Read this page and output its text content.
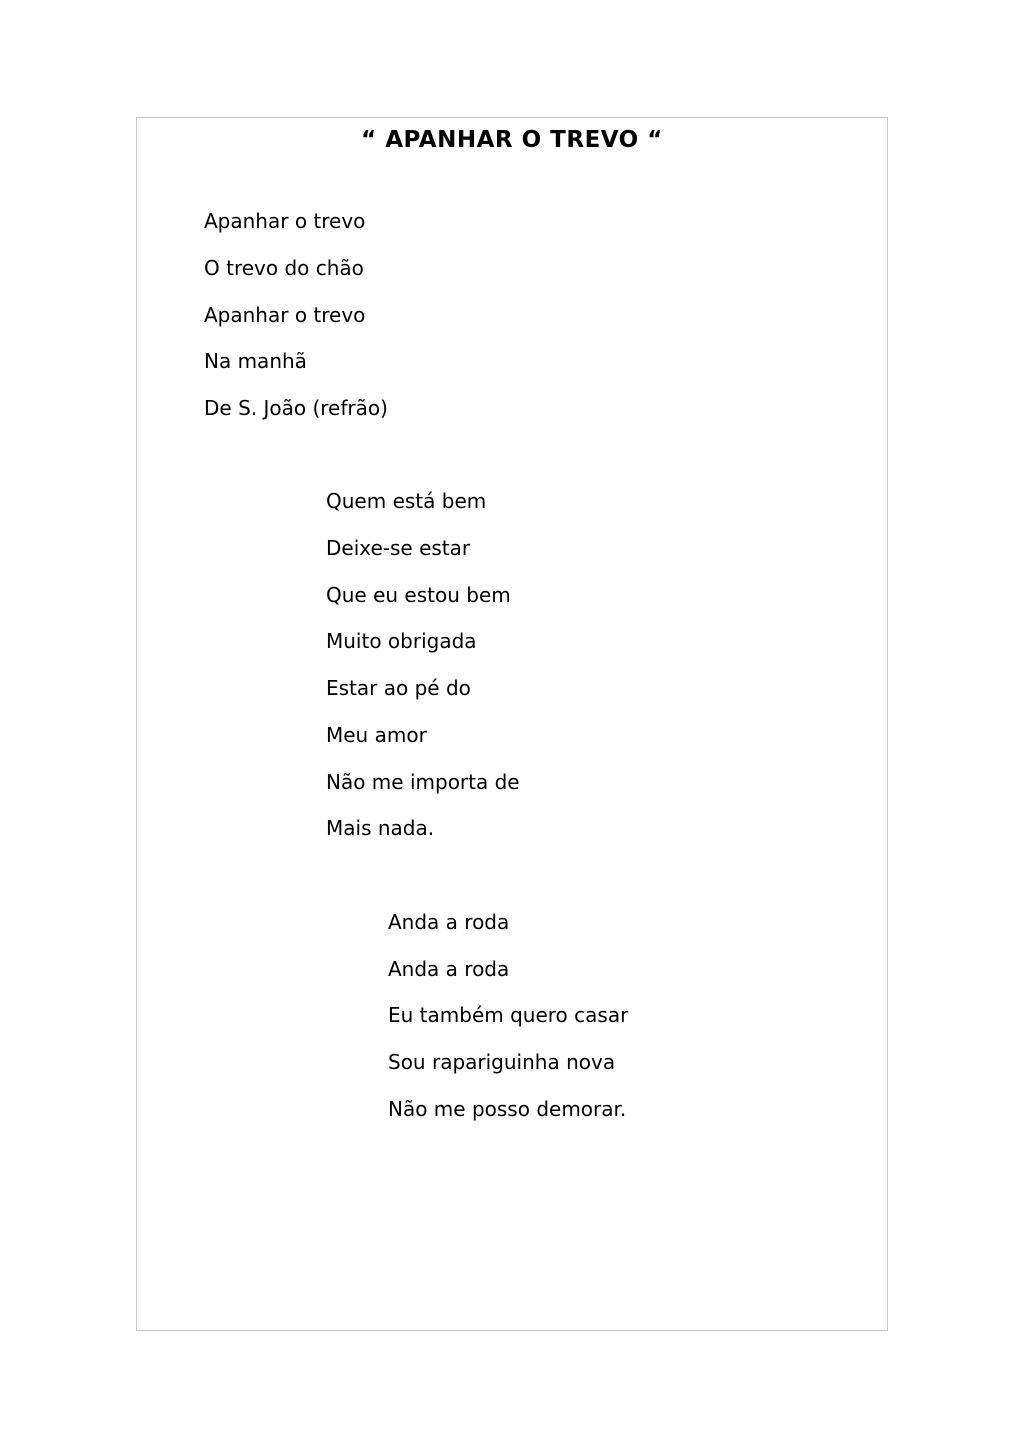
“ APANHAR O TREVO “
Apanhar o trevo
O trevo do chão
Apanhar o trevo
Na manhã
De S. João (refrão)
Quem está bem
Deixe-se estar
Que eu estou bem
Muito obrigada
Estar ao pé do
Meu amor
Não me importa de
Mais nada.
Anda a roda
Anda a roda
Eu também quero casar
Sou rapariguinha nova
Não me posso demorar.
